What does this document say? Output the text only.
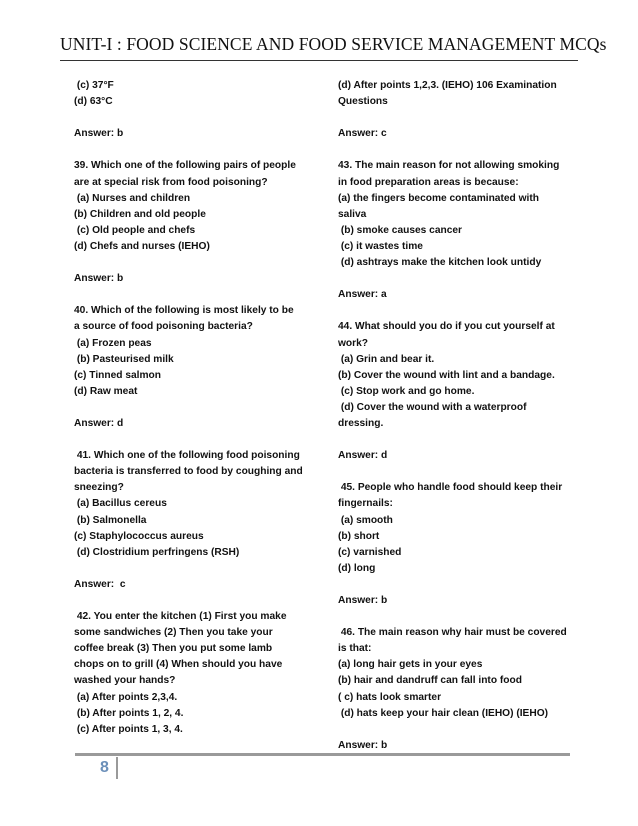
UNIT-I : FOOD SCIENCE AND FOOD SERVICE MANAGEMENT MCQs
(c) 37°F
(d) 63°C
Answer: b
39. Which one of the following pairs of people
are at special risk from food poisoning?
(a) Nurses and children
(b) Children and old people
(c) Old people and chefs
(d) Chefs and nurses (IEHO)
Answer: b
40. Which of the following is most likely to be
a source of food poisoning bacteria?
(a) Frozen peas
(b) Pasteurised milk
(c) Tinned salmon
(d) Raw meat
Answer: d
41. Which one of the following food poisoning
bacteria is transferred to food by coughing and
sneezing?
(a) Bacillus cereus
(b) Salmonella
(c) Staphylococcus aureus
(d) Clostridium perfringens (RSH)
Answer:  c
42. You enter the kitchen (1) First you make
some sandwiches (2) Then you take your
coffee break (3) Then you put some lamb
chops on to grill (4) When should you have
washed your hands?
(a) After points 2,3,4.
(b) After points 1, 2, 4.
(c) After points 1, 3, 4.
(d) After points 1,2,3. (IEHO) 106 Examination
Questions
Answer: c
43. The main reason for not allowing smoking
in food preparation areas is because:
(a) the fingers become contaminated with
saliva
(b) smoke causes cancer
(c) it wastes time
(d) ashtrays make the kitchen look untidy
Answer: a
44. What should you do if you cut yourself at
work?
(a) Grin and bear it.
(b) Cover the wound with lint and a bandage.
(c) Stop work and go home.
(d) Cover the wound with a waterproof
dressing.
Answer: d
45. People who handle food should keep their
fingernails:
(a) smooth
(b) short
(c) varnished
(d) long
Answer: b
46. The main reason why hair must be covered
is that:
(a) long hair gets in your eyes
(b) hair and dandruff can fall into food
( c) hats look smarter
(d) hats keep your hair clean (IEHO) (IEHO)
Answer: b
8
